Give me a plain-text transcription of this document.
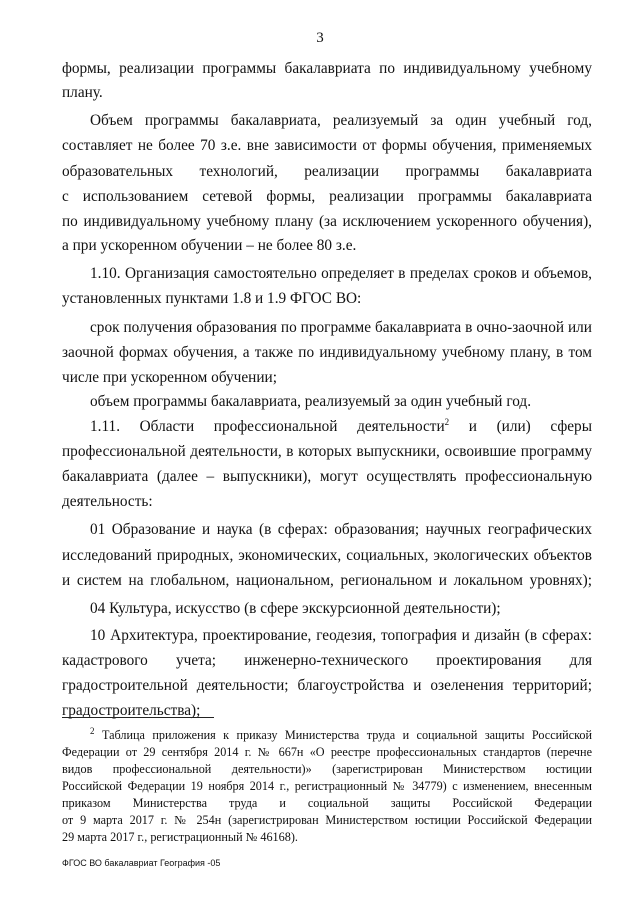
3
формы, реализации программы бакалавриата по индивидуальному учебному
плану.
Объем программы бакалавриата, реализуемый за один учебный год,
составляет не более 70 з.е. вне зависимости от формы обучения, применяемых
образовательных технологий, реализации программы бакалавриата
с использованием сетевой формы, реализации программы бакалавриата
по индивидуальному учебному плану (за исключением ускоренного обучения),
а при ускоренном обучении – не более 80 з.е.
1.10. Организация самостоятельно определяет в пределах сроков и объемов,
установленных пунктами 1.8 и 1.9 ФГОС ВО:
срок получения образования по программе бакалавриата в очно-заочной или
заочной формах обучения, а также по индивидуальному учебному плану, в том
числе при ускоренном обучении;
объем программы бакалавриата, реализуемый за один учебный год.
1.11. Области профессиональной деятельности$^2$ и (или) сферы
профессиональной деятельности, в которых выпускники, освоившие программу
бакалавриата (далее – выпускники), могут осуществлять профессиональную
деятельность:
01 Образование и наука (в сферах: образования; научных географических
исследований природных, экономических, социальных, экологических объектов
и систем на глобальном, национальном, региональном и локальном уровнях);
04 Культура, искусство (в сфере экскурсионной деятельности);
10 Архитектура, проектирование, геодезия, топография и дизайн (в сферах:
кадастрового учета; инженерно-технического проектирования для
градостроительной деятельности; благоустройства и озеленения территорий;
градостроительства);
$^2$ Таблица приложения к приказу Министерства труда и социальной защиты Российской
Федерации от 29 сентября 2014 г. № 667н «О реестре профессиональных стандартов (перечне
видов профессиональной деятельности)» (зарегистрирован Министерством юстиции
Российской Федерации 19 ноября 2014 г., регистрационный № 34779) с изменением, внесенным
приказом Министерства труда и социальной защиты Российской Федерации
от 9 марта 2017 г. № 254н (зарегистрирован Министерством юстиции Российской Федерации
29 марта 2017 г., регистрационный № 46168).
ФГОС ВО бакалавриат География -05
